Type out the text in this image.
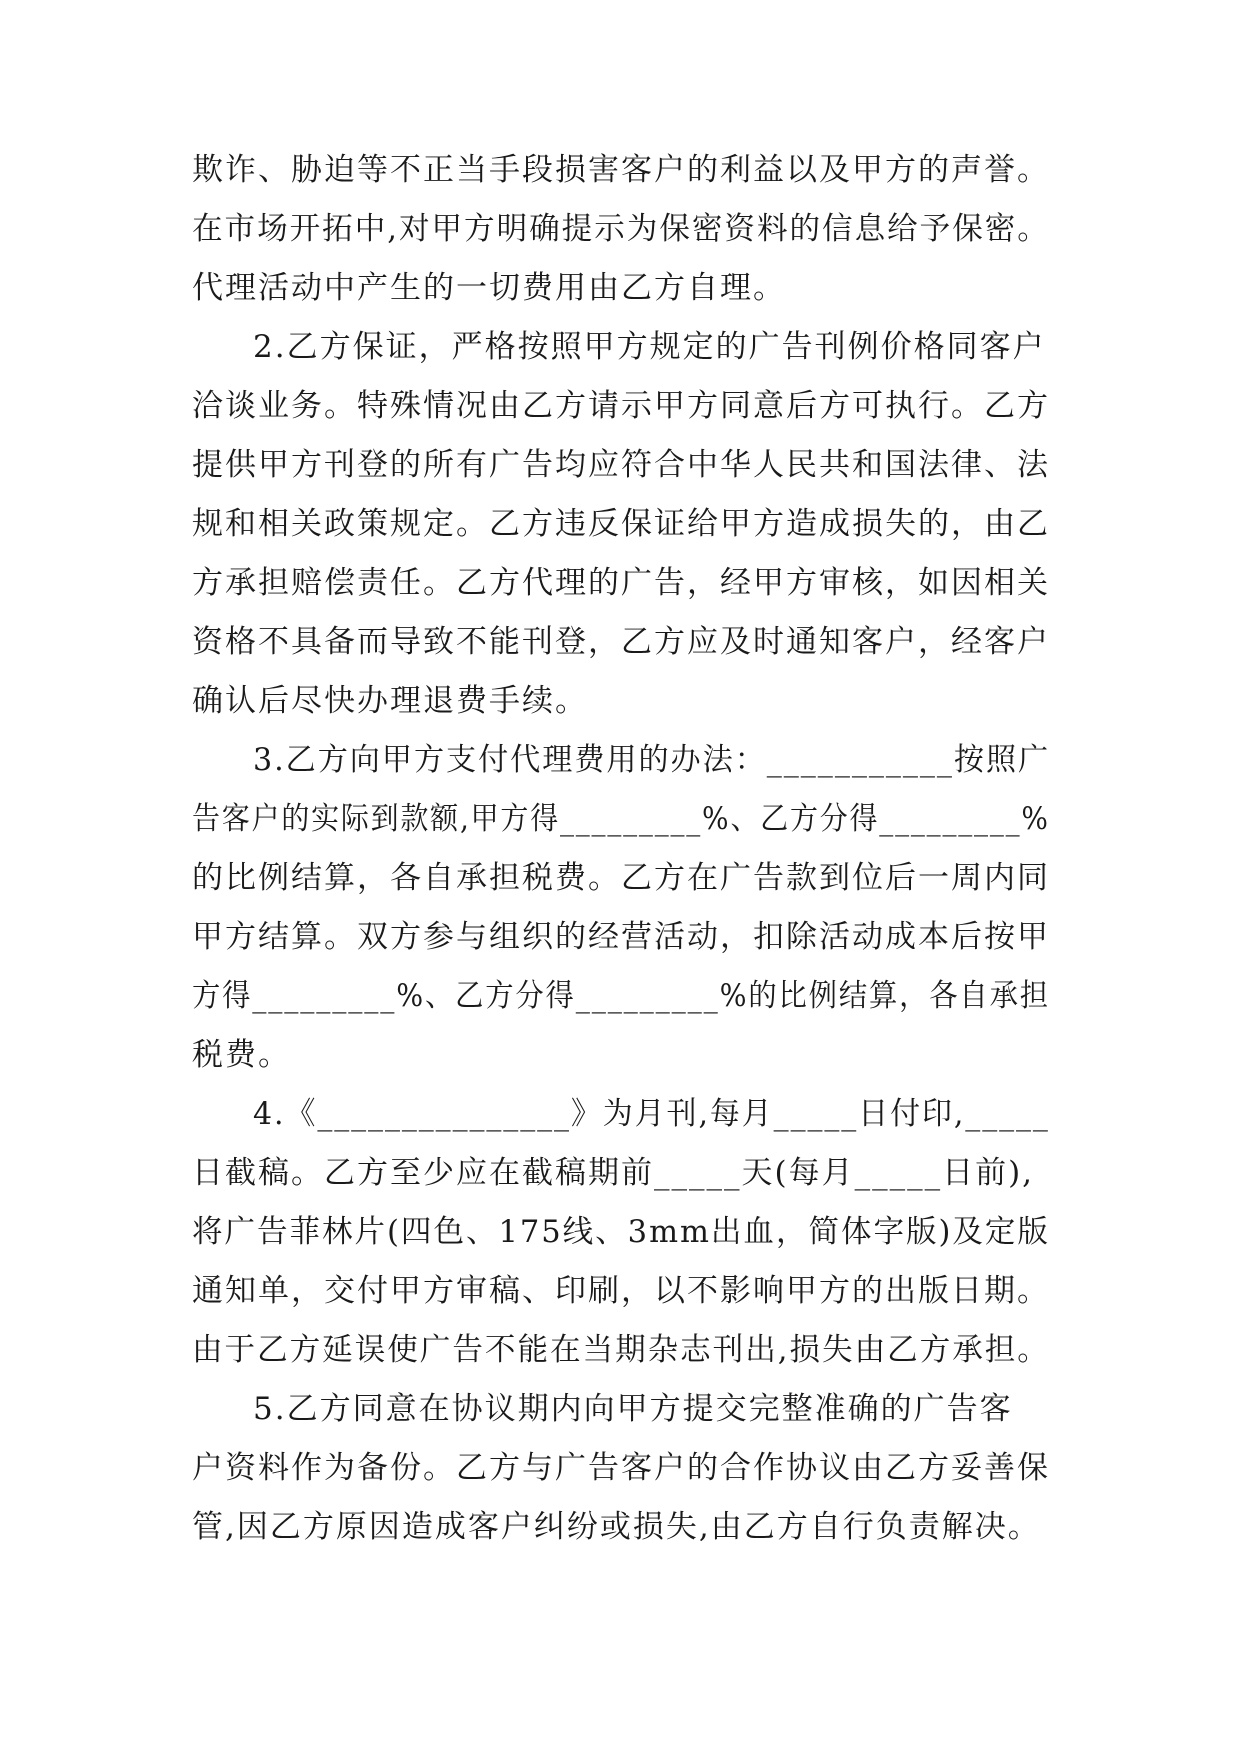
欺诈、胁迫等不正当手段损害客户的利益以及甲方的声誉。
在市场开拓中,对甲方明确提示为保密资料的信息给予保密。
代理活动中产生的一切费用由乙方自理。
2.乙方保证，严格按照甲方规定的广告刊例价格同客户
洽谈业务。特殊情况由乙方请示甲方同意后方可执行。乙方
提供甲方刊登的所有广告均应符合中华人民共和国法律、法
规和相关政策规定。乙方违反保证给甲方造成损失的，由乙
方承担赔偿责任。乙方代理的广告，经甲方审核，如因相关
资格不具备而导致不能刊登，乙方应及时通知客户，经客户
确认后尽快办理退费手续。
3.乙方向甲方支付代理费用的办法：___________按照广
告客户的实际到款额,甲方得_________%、乙方分得_________%
的比例结算，各自承担税费。乙方在广告款到位后一周内同
甲方结算。双方参与组织的经营活动，扣除活动成本后按甲
方得_________%、乙方分得_________%的比例结算，各自承担
税费。
4.《_______________》为月刊,每月_____日付印,_____
日截稿。乙方至少应在截稿期前_____天(每月_____日前),
将广告菲林片(四色、175线、3mm出血，简体字版)及定版
通知单，交付甲方审稿、印刷，以不影响甲方的出版日期。
由于乙方延误使广告不能在当期杂志刊出,损失由乙方承担。
5.乙方同意在协议期内向甲方提交完整准确的广告客
户资料作为备份。乙方与广告客户的合作协议由乙方妥善保
管,因乙方原因造成客户纠纷或损失,由乙方自行负责解决。
